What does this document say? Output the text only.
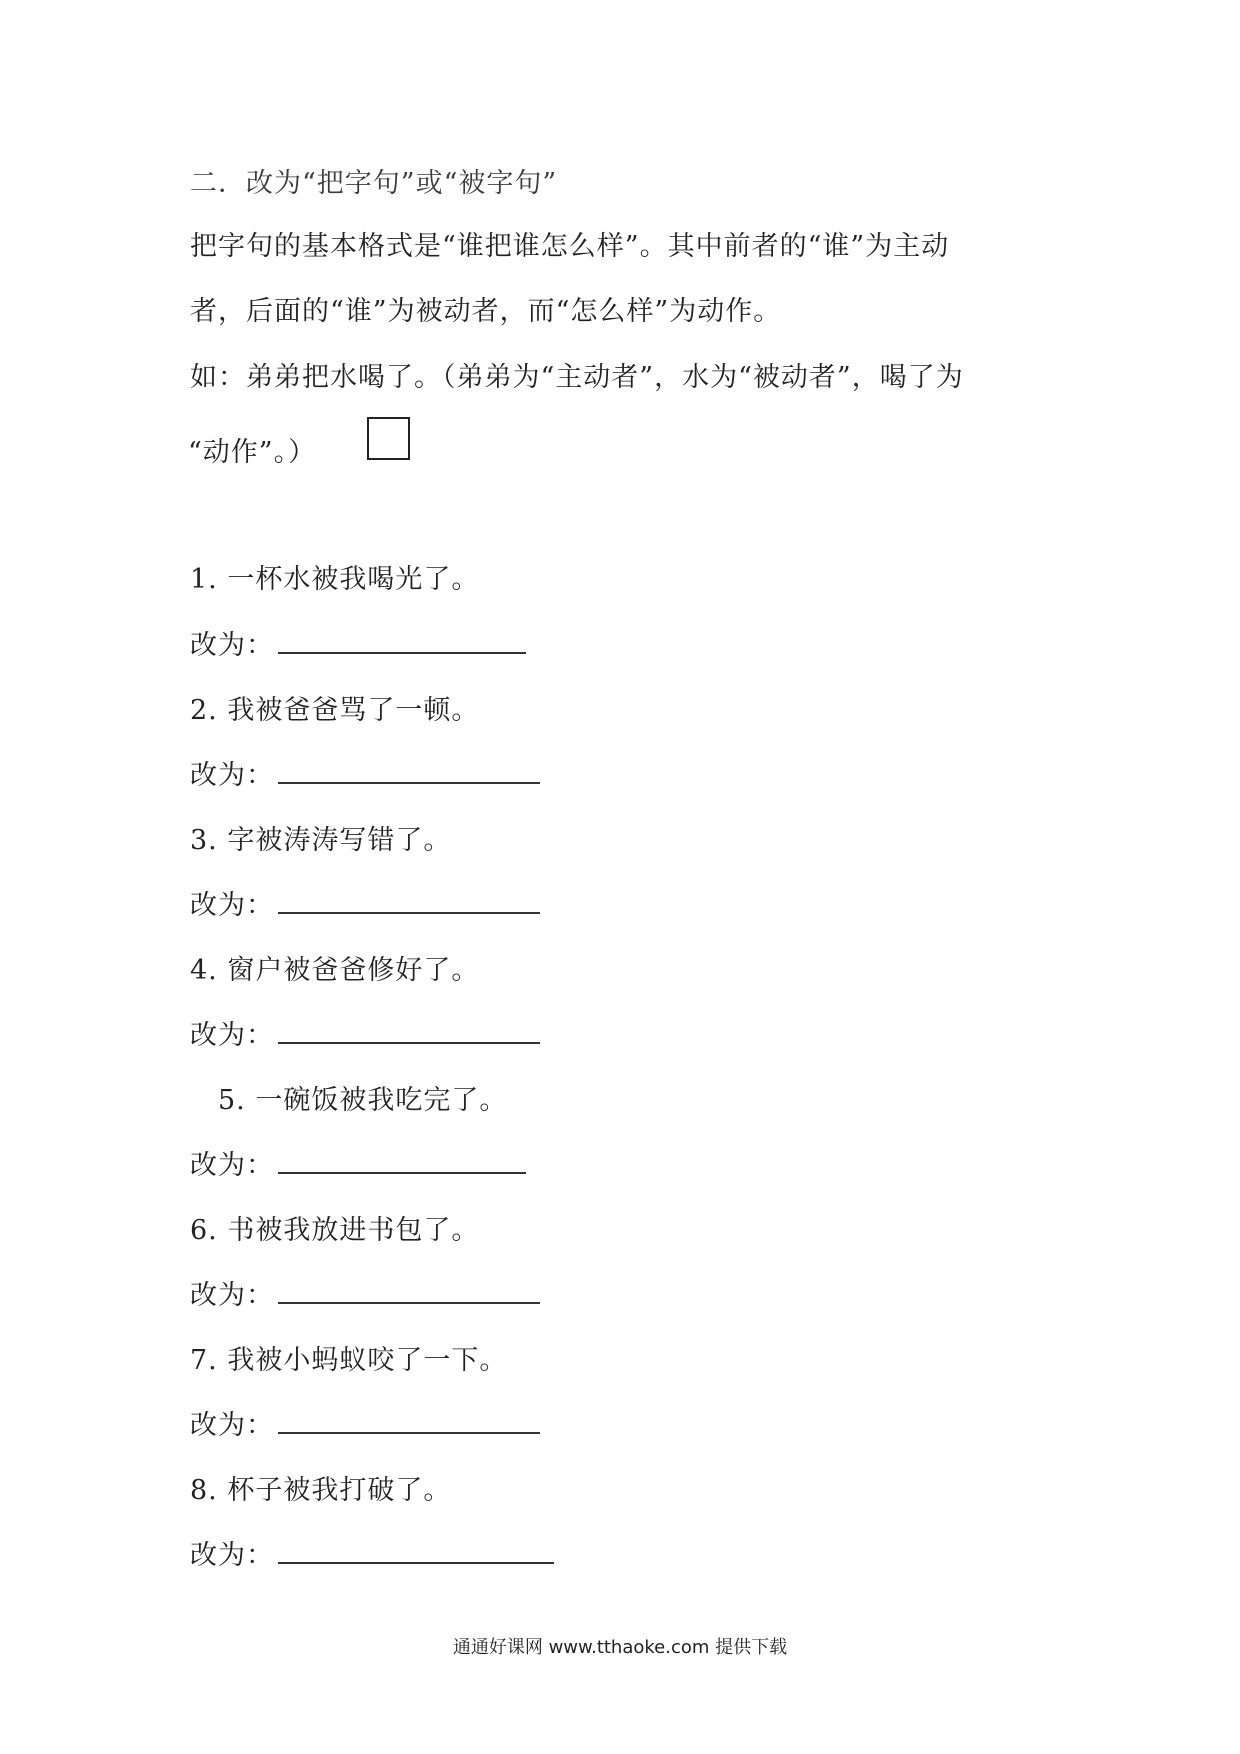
二．改为“把字句”或“被字句”
把字句的基本格式是“谁把谁怎么样”。其中前者的“谁”为主动
者，后面的“谁”为被动者，而“怎么样”为动作。
如：弟弟把水喝了。（弟弟为“主动者”，水为“被动者”，喝了为
“动作”。）
1. 一杯水被我喝光了。
改为：
2. 我被爸爸骂了一顿。
改为：
3. 字被涛涛写错了。
改为：
4. 窗户被爸爸修好了。
改为：
5. 一碗饭被我吃完了。
改为：
6. 书被我放进书包了。
改为：
7. 我被小蚂蚁咬了一下。
改为：
8. 杯子被我打破了。
改为：
通通好课网 www.tthaoke.com 提供下载
